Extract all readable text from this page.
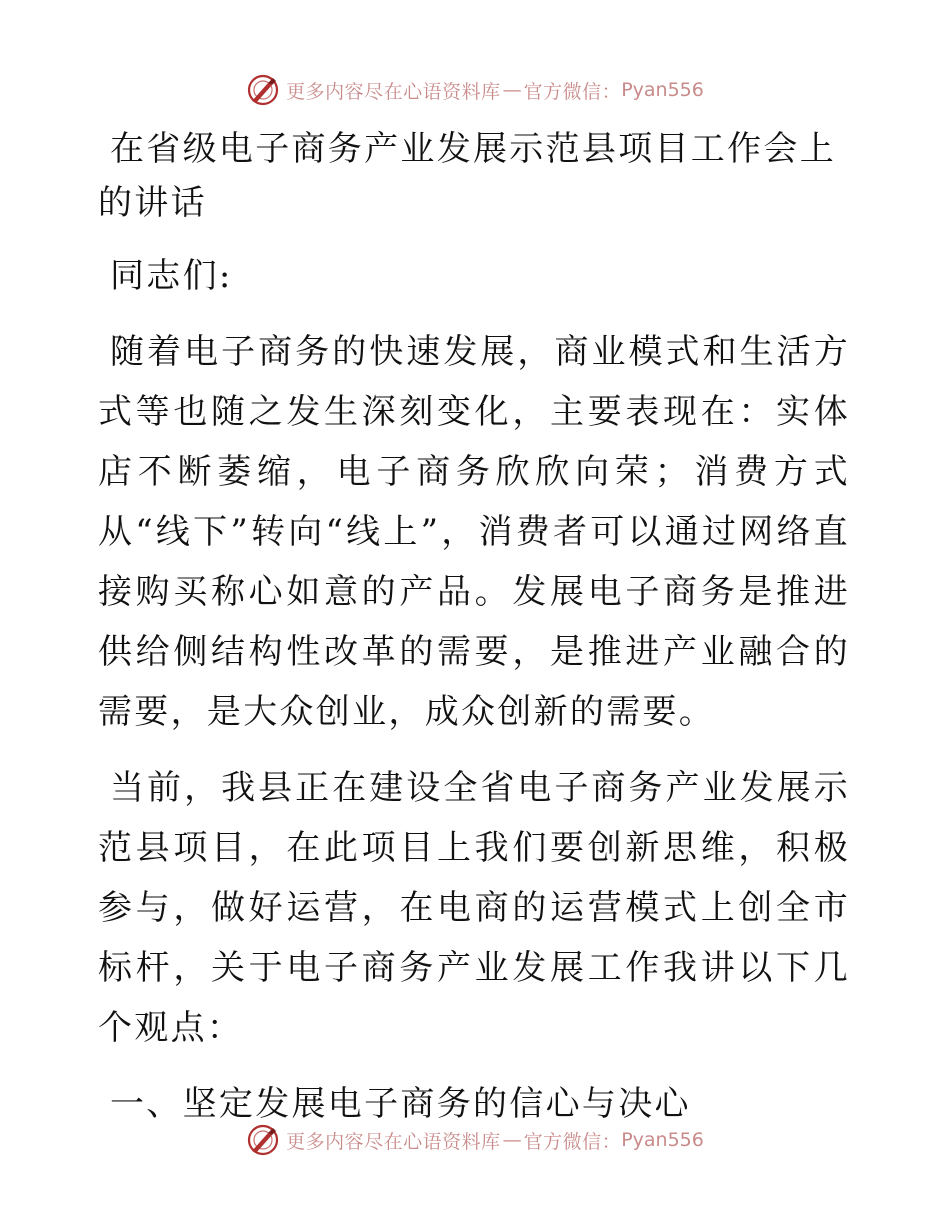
更多内容尽在心语资料库 — 官方微信： Pyan556
在省级电子商务产业发展示范县项目工作会上的讲话

同志们:

随着电子商务的快速发展，商业模式和生活方式等也随之发生深刻变化，主要表现在：实体店不断萎缩，电子商务欣欣向荣；消费方式从“线下”转向“线上”，消费者可以通过网络直接购买称心如意的产品。发展电子商务是推进供给侧结构性改革的需要，是推进产业融合的需要，是大众创业，成众创新的需要。

当前，我县正在建设全省电子商务产业发展示范县项目，在此项目上我们要创新思维，积极参与，做好运营，在电商的运营模式上创全市标杆，关于电子商务产业发展工作我讲以下几个观点：

一、坚定发展电子商务的信心与决心

更多内容尽在心语资料库 — 官方微信： Pyan556
